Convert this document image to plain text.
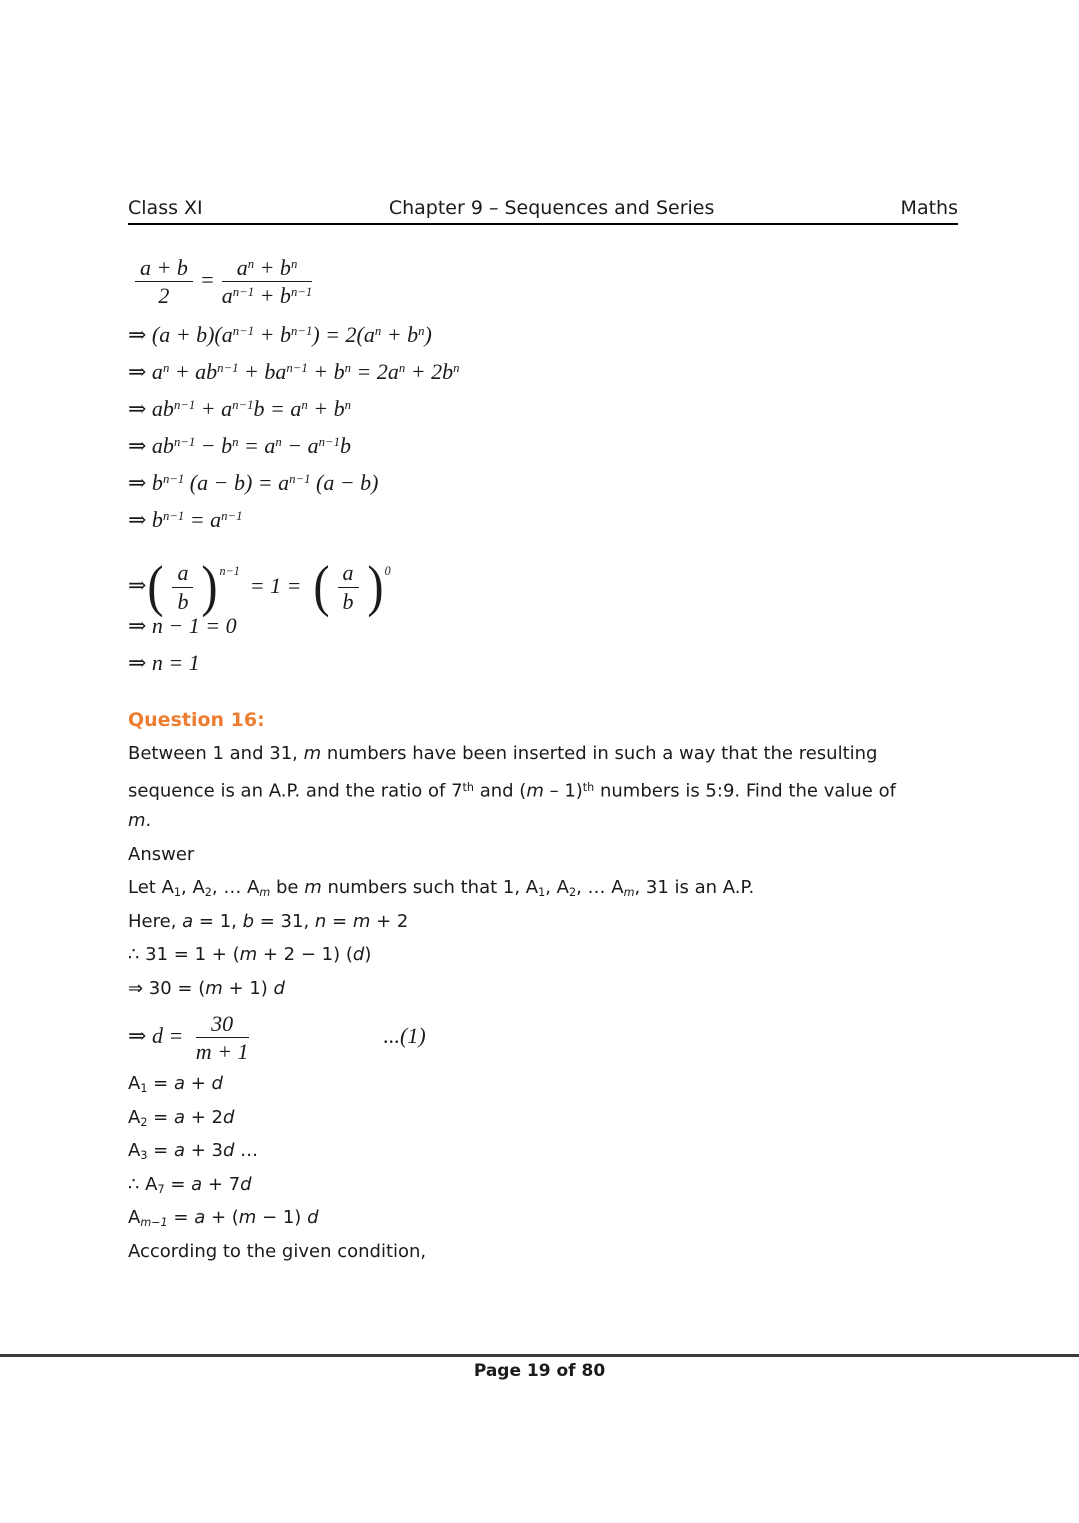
Class XI	Chapter 9 – Sequences and Series	Maths
$\frac{a + b}{2} = \frac{a^n + b^n}{a^{n-1} + b^{n-1}}$
⇒ $(a + b)(a^{n-1} + b^{n-1}) = 2(a^n + b^n)$
⇒ $a^n + ab^{n-1} + ba^{n-1} + b^n = 2a^n + 2b^n$
⇒ $ab^{n-1} + a^{n-1}b = a^n + b^n$
⇒ $ab^{n-1} - b^n = a^n - a^{n-1}b$
⇒ $b^{n-1}$ $(a - b) = a^{n-1}$ (a − b)
⇒ $b^{n-1} = a^{n-1}$
⇒( $\frac{a}{b} )^{n-1}= 1$ = ( $\frac{a}{b} )^0$
⇒ n − 1 = 0
⇒ n = 1
Question 16:
Between 1 and 31, m numbers have been inserted in such a way that the resulting
sequence is an A.P. and the ratio of 7th and (m – 1)$^{th}$ numbers is 5:9. Find the value of
m.
Answer
Let $A_1$, $A_2$, … $A_m$ be m numbers such that 1, $A_1$, $A_2$, … $A_m$, 31 is an A.P.
Here, a = 1, b = 31, n = m + 2
∴ 31 = 1 + (m + 2 − 1) (d)
⇒ 30 = (m + 1) d
⇒ $d = \frac{30}{m + 1}$	...(1)
$A_1 = a + d$
$A_2 = a + 2d$
$A_3 = a + 3d$ …
∴ $A_7 = a + 7d$
$A_{m-1} = a + (m - 1)$ d
According to the given condition,
Page 19 of 80
